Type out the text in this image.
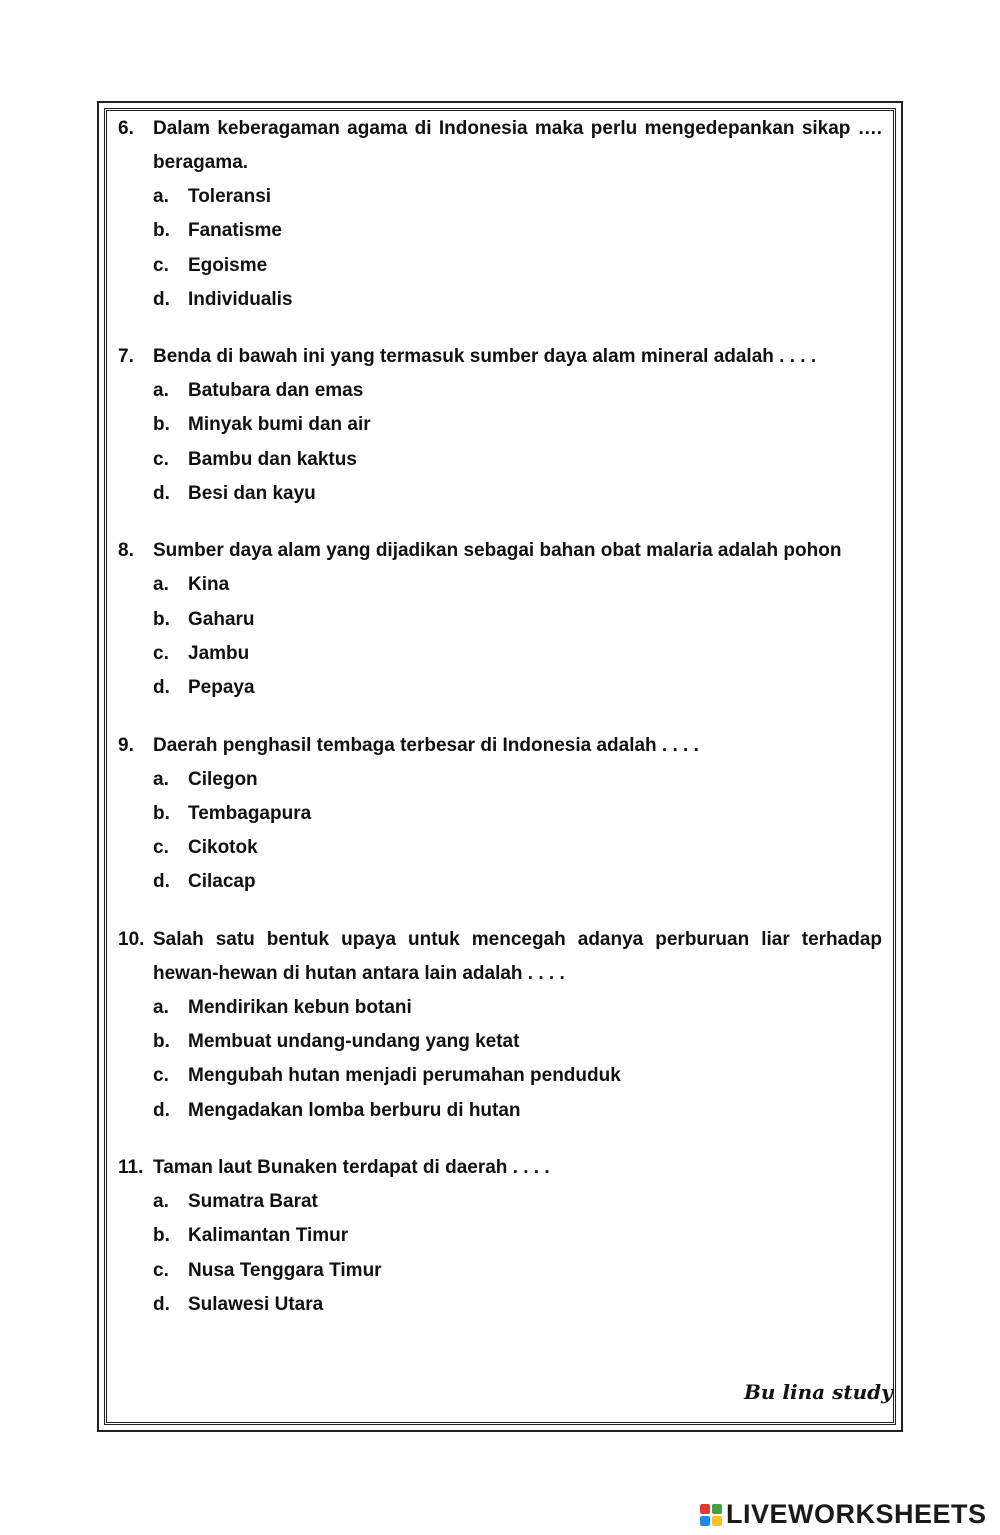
6.	Dalam keberagaman agama di Indonesia maka perlu mengedepankan sikap …. beragama.
a.	Toleransi
b. Fanatisme
c.	Egoisme
d. Individualis
7.	Benda di bawah ini yang termasuk sumber daya alam mineral adalah . . . .
a.	Batubara dan emas
b. Minyak bumi dan air
c.	Bambu dan kaktus
d. Besi dan kayu
8.	Sumber daya alam yang dijadikan sebagai bahan obat malaria adalah pohon
a.	Kina
b. Gaharu
c.	Jambu
d. Pepaya
9.	Daerah penghasil tembaga terbesar di Indonesia adalah . . . .
a.	Cilegon
b. Tembagapura
c.	Cikotok
d. Cilacap
10. Salah satu bentuk upaya untuk mencegah adanya perburuan liar terhadap hewan-hewan di hutan antara lain adalah . . . .
a.	Mendirikan kebun botani
b. Membuat undang-undang yang ketat
c.	Mengubah hutan menjadi perumahan penduduk
d. Mengadakan lomba berburu di hutan
11. Taman laut Bunaken terdapat di daerah . . . .
a.	Sumatra Barat
b. Kalimantan Timur
c.	Nusa Tenggara Timur
d. Sulawesi Utara
Bu lina study
LIVEWORKSHEETS
